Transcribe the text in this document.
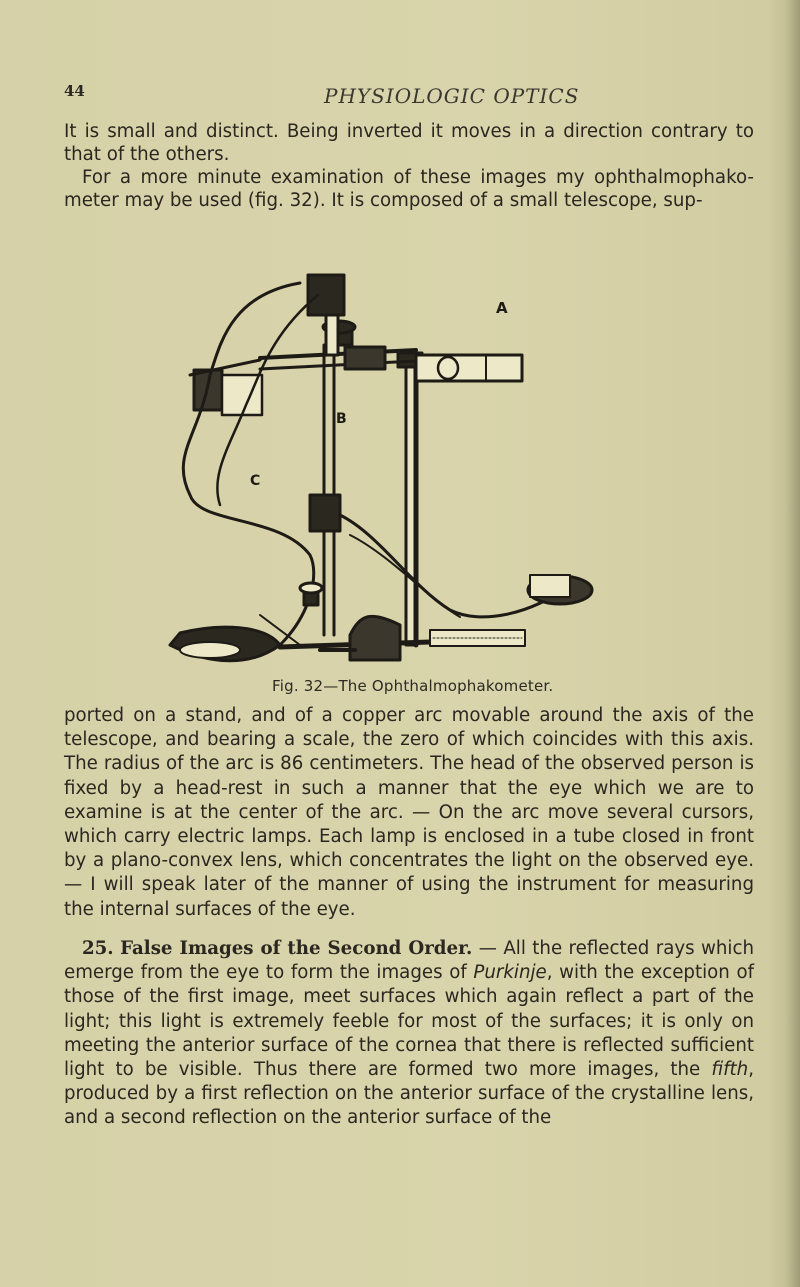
44	PHYSIOLOGIC OPTICS

It is small and distinct. Being inverted it moves in a direction contrary to that of the others.

For a more minute examination of these images my ophthalmophako-meter may be used (fig. 32). It is composed of a small telescope, sup-

A
B
C
Fig. 32—The Ophthalmophakometer.

ported on a stand, and of a copper arc movable around the axis of the telescope, and bearing a scale, the zero of which coincides with this axis. The radius of the arc is 86 centimeters. The head of the observed person is fixed by a head-rest in such a manner that the eye which we are to examine is at the center of the arc. — On the arc move several cursors, which carry electric lamps. Each lamp is enclosed in a tube closed in front by a plano-convex lens, which concentrates the light on the observed eye. — I will speak later of the manner of using the instrument for measuring the internal surfaces of the eye.

25. False Images of the Second Order. — All the reflected rays which emerge from the eye to form the images of Purkinje, with the exception of those of the first image, meet surfaces which again reflect a part of the light; this light is extremely feeble for most of the surfaces; it is only on meeting the anterior surface of the cornea that there is reflected sufficient light to be visible. Thus there are formed two more images, the fifth, produced by a first reflection on the anterior surface of the crystalline lens, and a second reflection on the anterior surface of the
